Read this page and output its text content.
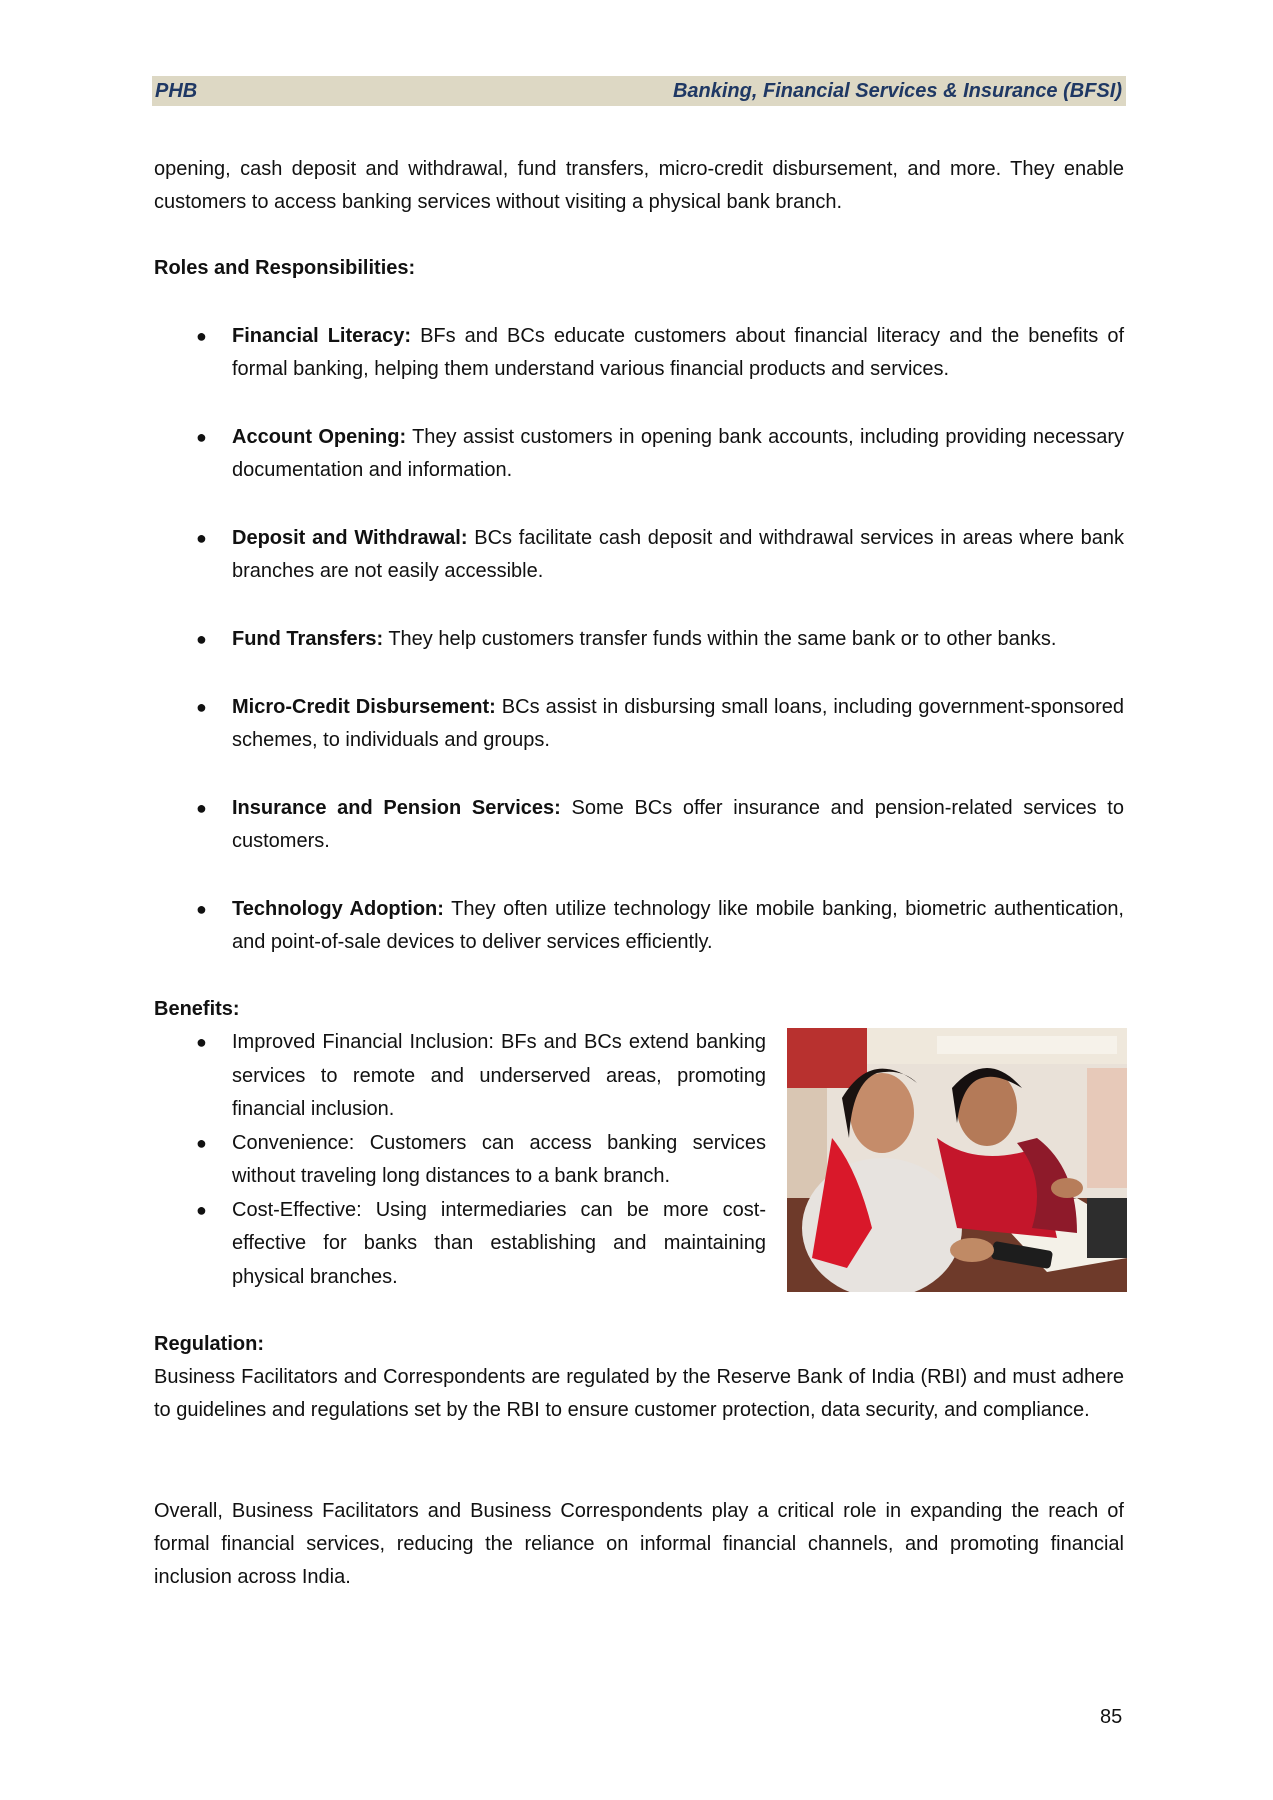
PHB	Banking, Financial Services & Insurance (BFSI)
opening, cash deposit and withdrawal, fund transfers, micro-credit disbursement, and more. They enable customers to access banking services without visiting a physical bank branch.
Roles and Responsibilities:
● Financial Literacy: BFs and BCs educate customers about financial literacy and the benefits of formal banking, helping them understand various financial products and services.
● Account Opening: They assist customers in opening bank accounts, including providing necessary documentation and information.
● Deposit and Withdrawal: BCs facilitate cash deposit and withdrawal services in areas where bank branches are not easily accessible.
● Fund Transfers: They help customers transfer funds within the same bank or to other banks.
● Micro-Credit Disbursement: BCs assist in disbursing small loans, including government-sponsored schemes, to individuals and groups.
● Insurance and Pension Services: Some BCs offer insurance and pension-related services to customers.
● Technology Adoption: They often utilize technology like mobile banking, biometric authentication, and point-of-sale devices to deliver services efficiently.
Benefits:
● Improved Financial Inclusion: BFs and BCs extend banking services to remote and underserved areas, promoting financial inclusion.
● Convenience: Customers can access banking services without traveling long distances to a bank branch.
● Cost-Effective: Using intermediaries can be more cost-effective for banks than establishing and maintaining physical branches.
Regulation:
Business Facilitators and Correspondents are regulated by the Reserve Bank of India (RBI) and must adhere to guidelines and regulations set by the RBI to ensure customer protection, data security, and compliance.
Overall, Business Facilitators and Business Correspondents play a critical role in expanding the reach of formal financial services, reducing the reliance on informal financial channels, and promoting financial inclusion across India.
85
